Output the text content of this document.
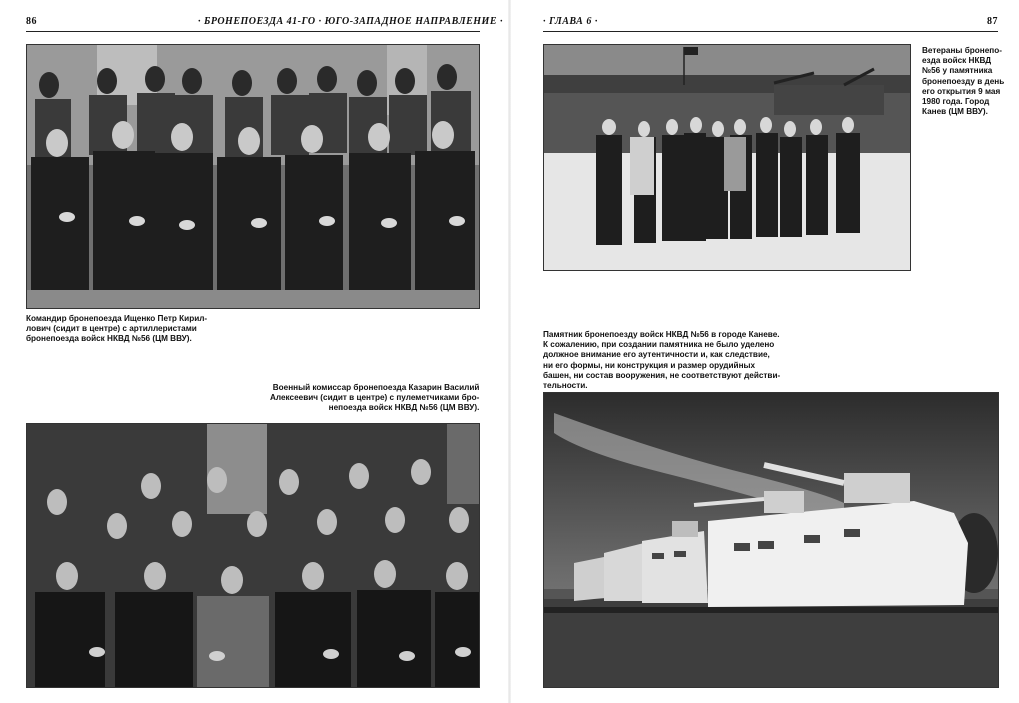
86	· БРОНЕПОЕЗДА 41-ГО · ЮГО-ЗАПАДНОЕ НАПРАВЛЕНИЕ ·
Командир бронепоезда Ищенко Петр Кирил-
лович (сидит в центре) с артиллеристами
бронепоезда войск НКВД №56 (ЦМ ВВУ).
Военный комиссар бронепоезда Казарин Василий
Алексеевич (сидит в центре) с пулеметчиками бро-
непоезда войск НКВД №56 (ЦМ ВВУ).
· ГЛАВА 6 ·	87
Ветераны бронепо-
езда войск НКВД
№56 у памятника
бронепоезду в день
его открытия 9 мая
1980 года. Город
Канев (ЦМ ВВУ).
Памятник бронепоезду войск НКВД №56 в городе Каневе.
К сожалению, при создании памятника не было уделено
должное внимание его аутентичности и, как следствие,
ни его формы, ни конструкция и размер орудийных
башен, ни состав вооружения, не соответствуют действи-
тельности.
